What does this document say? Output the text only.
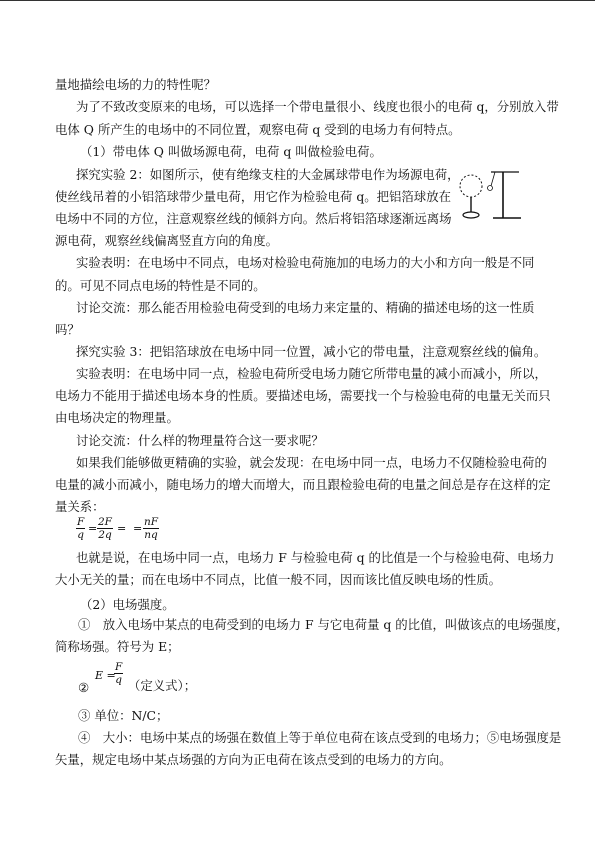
量地描绘电场的力的特性呢？
为了不致改变原来的电场，可以选择一个带电量很小、线度也很小的电荷 q，分别放入带
电体 Q 所产生的电场中的不同位置，观察电荷 q 受到的电场力有何特点。
（1）带电体 Q 叫做场源电荷，电荷 q 叫做检验电荷。
探究实验 2：如图所示，使有绝缘支柱的大金属球带电作为场源电荷，
使丝线吊着的小铝箔球带少量电荷，用它作为检验电荷 q。把铝箔球放在
电场中不同的方位，注意观察丝线的倾斜方向。然后将铝箔球逐渐远离场
源电荷，观察丝线偏离竖直方向的角度。
实验表明：在电场中不同点，电场对检验电荷施加的电场力的大小和方向一般是不同
的。可见不同点电场的特性是不同的。
讨论交流：那么能否用检验电荷受到的电场力来定量的、精确的描述电场的这一性质
吗？
探究实验 3：把铝箔球放在电场中同一位置，减小它的带电量，注意观察丝线的偏角。
实验表明：在电场中同一点，检验电荷所受电场力随它所带电量的减小而减小，所以，
电场力不能用于描述电场本身的性质。要描述电场，需要找一个与检验电荷的电量无关而只
由电场决定的物理量。
讨论交流：什么样的物理量符合这一要求呢？
如果我们能够做更精确的实验，就会发现：在电场中同一点，电场力不仅随检验电荷的
电量的减小而减小，随电场力的增大而增大，而且跟检验电荷的电量之间总是存在这样的定
量关系：
$\frac{F}{q} = \frac{2F}{2q}$ = = $\frac{nF}{nq}$
也就是说，在电场中同一点，电场力 F 与检验电荷 q 的比值是一个与检验电荷、电场力
大小无关的量；而在电场中不同点，比值一般不同，因而该比值反映电场的性质。
（2）电场强度。
①　放入电场中某点的电荷受到的电场力 F 与它电荷量 q 的比值，叫做该点的电场强度，
简称场强。符号为 E；
E =
$\frac{F}{q}$
②	（定义式）；
③ 单位：N/C；
④　大小：电场中某点的场强在数值上等于单位电荷在该点受到的电场力；⑤电场强度是
矢量，规定电场中某点场强的方向为正电荷在该点受到的电场力的方向。
